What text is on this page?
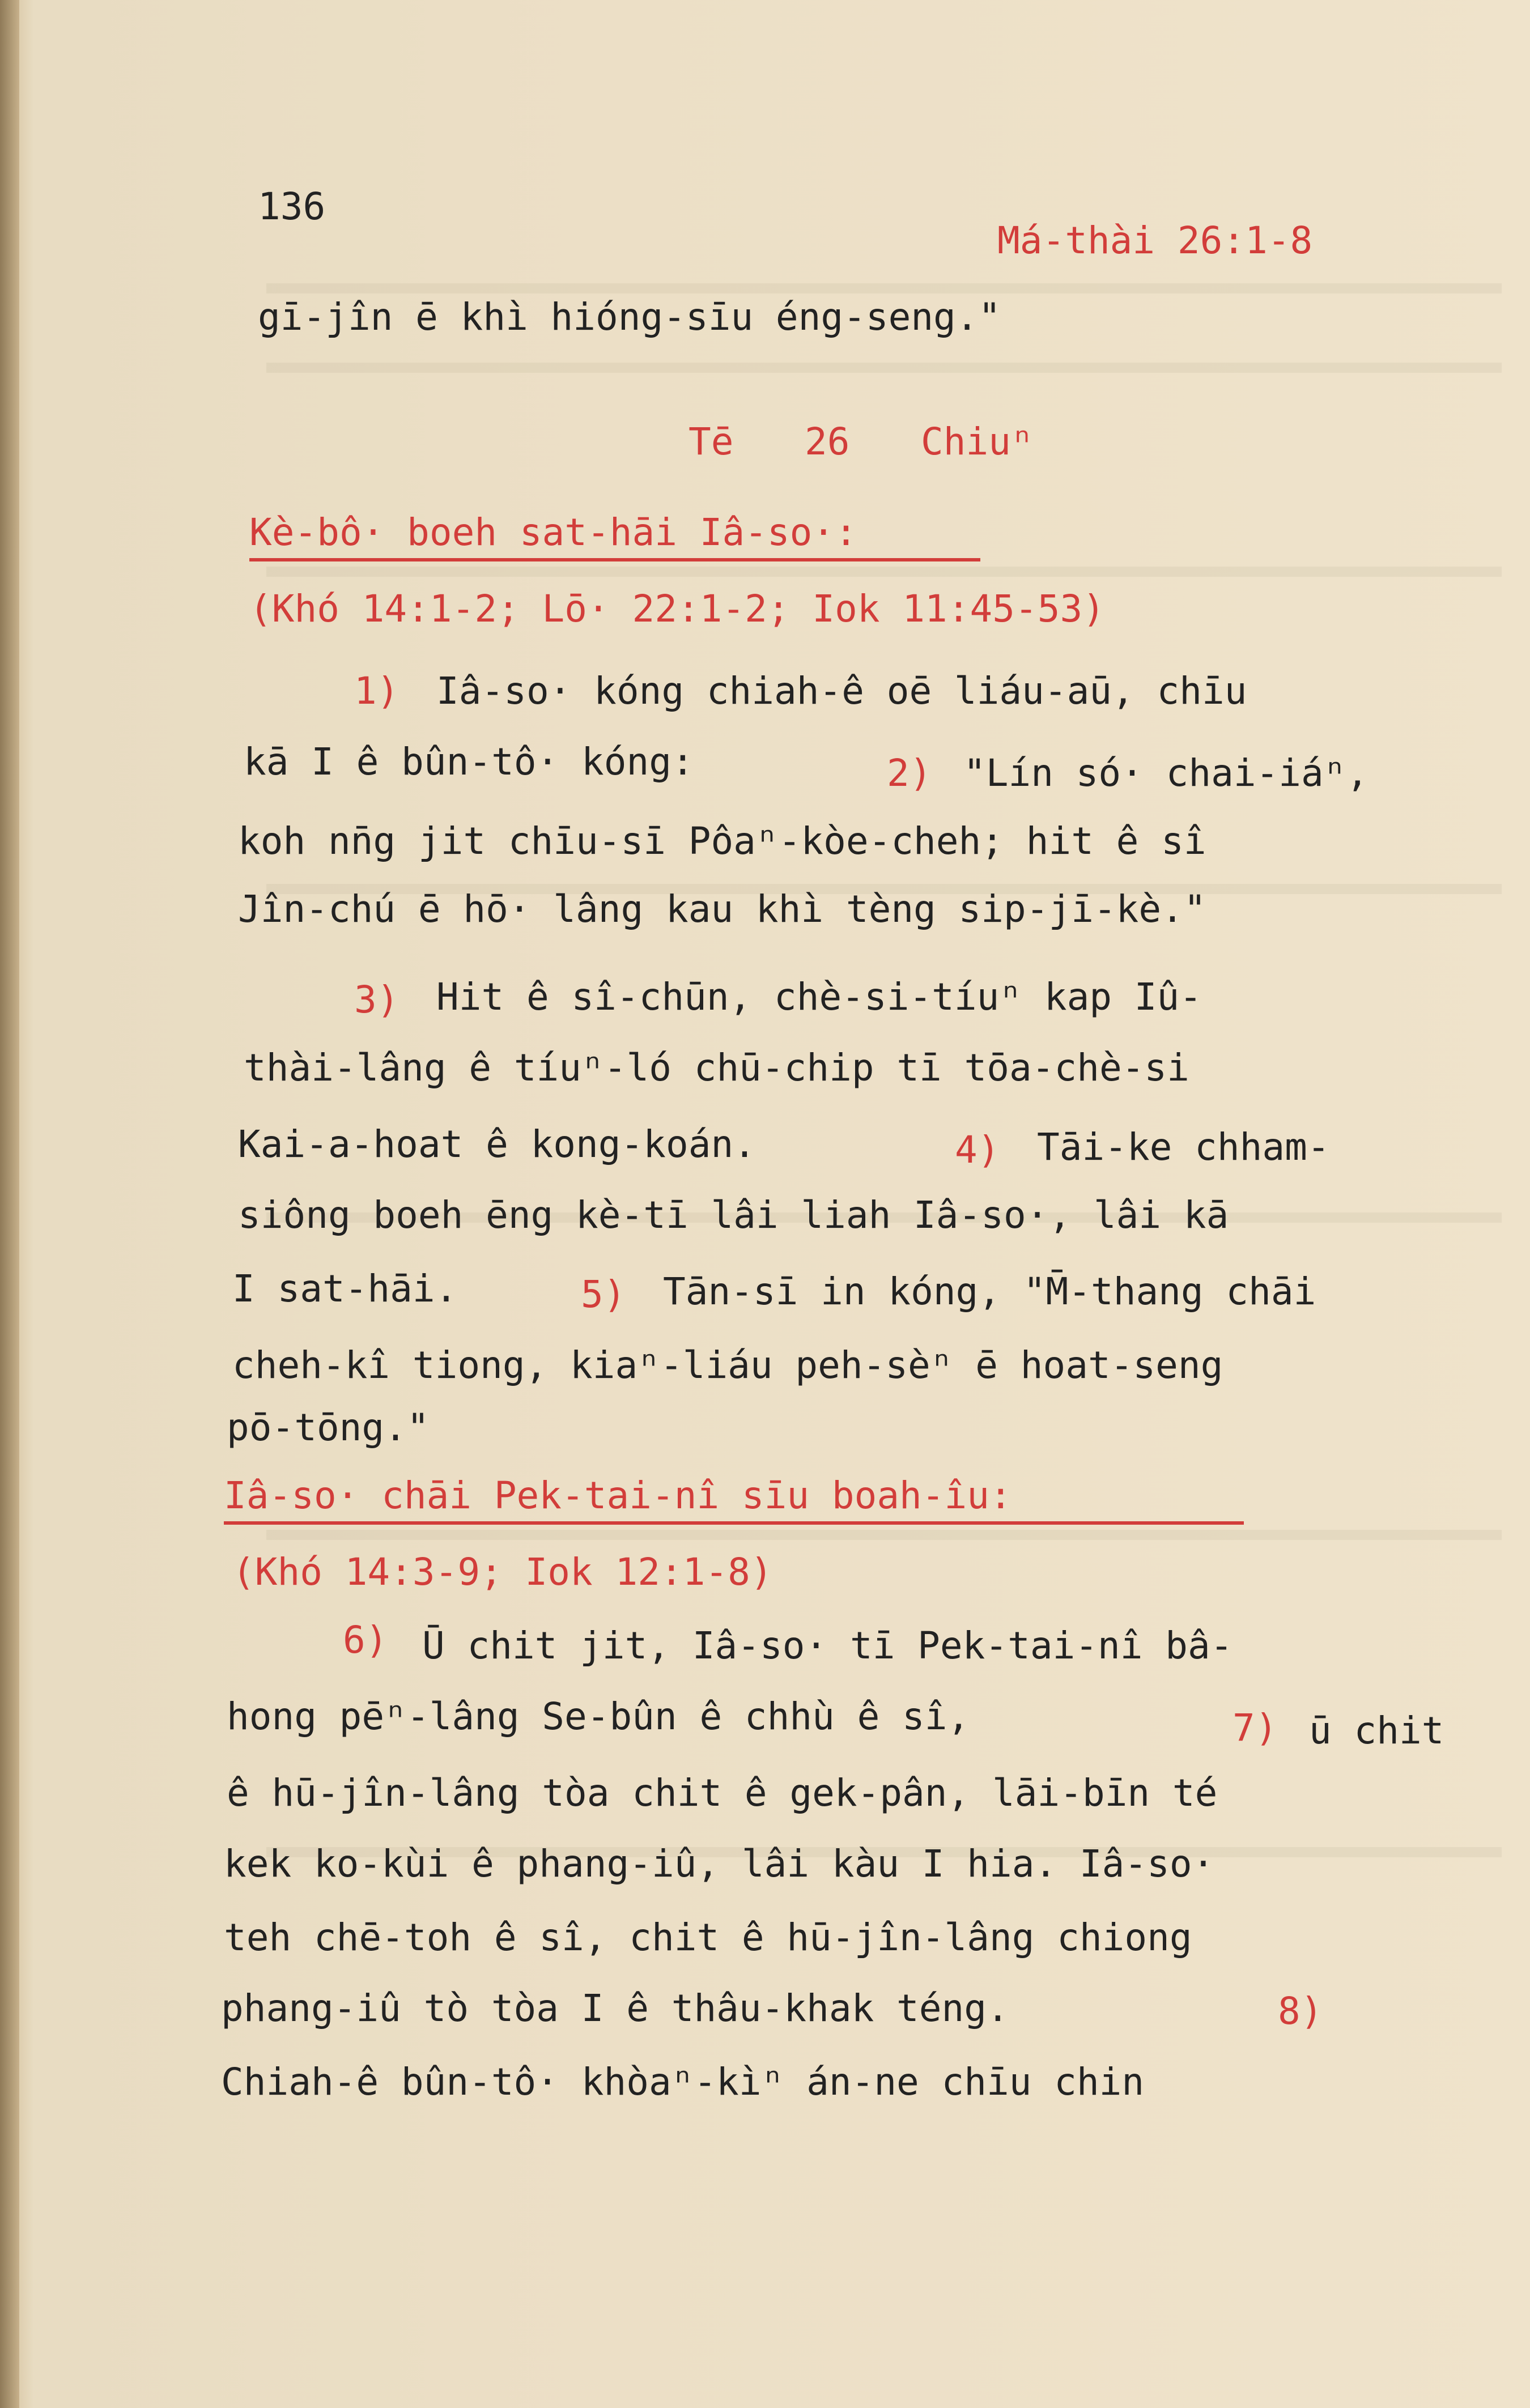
136
Má-thài 26:1-8
gī-jîn ē khì hióng-sīu éng-seng."
Tē 26 Chiuⁿ
Kè-bô· boeh sat-hāi Iâ-so·:
(Khó 14:1-2; Lō· 22:1-2; Iok 11:45-53)
1) Iâ-so· kóng chiah-ê oē liáu-aū, chīu
kā I ê bûn-tô· kóng:	2) "Lín só· chai-iáⁿ,
koh nn̄g jit chīu-sī Pôaⁿ-kòe-cheh; hit ê sî
Jîn-chú ē hō· lâng kau khì tèng sip-jī-kè."
3) Hit ê sî-chūn, chè-si-tíuⁿ kap Iû-
thài-lâng ê tíuⁿ-ló chū-chip tī tōa-chè-si
Kai-a-hoat ê kong-koán.	4) Tāi-ke chham-
siông boeh ēng kè-tī lâi liah Iâ-so·, lâi kā
I sat-hāi.	5) Tān-sī in kóng, "M̄-thang chāi
cheh-kî tiong, kiaⁿ-liáu peh-sèⁿ ē hoat-seng
pō-tōng."
Iâ-so· chāi Pek-tai-nî sīu boah-îu:
(Khó 14:3-9; Iok 12:1-8)
6) Ū chit jit, Iâ-so· tī Pek-tai-nî bâ-
hong pēⁿ-lâng Se-bûn ê chhù ê sî,	7) ū chit
ê hū-jîn-lâng tòa chit ê gek-pân, lāi-bīn té
kek ko-kùi ê phang-iû, lâi kàu I hia. Iâ-so·
teh chē-toh ê sî, chit ê hū-jîn-lâng chiong
phang-iû tò tòa I ê thâu-khak téng.	8)
Chiah-ê bûn-tô· khòaⁿ-kìⁿ án-ne chīu chin
